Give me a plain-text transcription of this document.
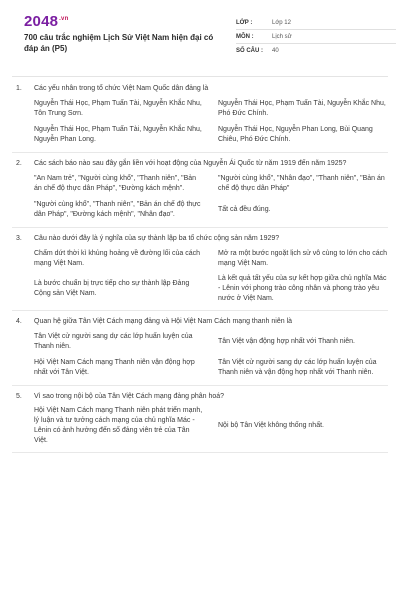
$2048^{.vn}$
700 câu trắc nghiệm Lịch Sử Việt Nam hiện đại có đáp án (P5)
LỚP :	Lớp 12
MÔN :	Lịch sử
SỐ CÂU :	40
1.	Các yếu nhân trong tổ chức Việt Nam Quốc dân đảng là
Nguyễn Thái Học, Phạm Tuấn Tài, Nguyễn Khắc Nhu, Tôn Trung Sơn.
Nguyễn Thái Học, Phạm Tuấn Tài, Nguyễn Khắc Nhu, Phó Đức Chính.
Nguyễn Thái Học, Phạm Tuấn Tài, Nguyễn Khắc Nhu, Nguyễn Phan Long.
Nguyễn Thái Học, Nguyễn Phan Long, Bùi Quang Chiêu, Phó Đức Chính.
2.	Các sách báo nào sau đây gắn liền với hoạt động của Nguyễn Ái Quốc từ năm 1919 đến năm 1925?
"An Nam trẻ", "Người cùng khổ", "Thanh niên", "Bản án chế độ thực dân Pháp", "Đường kách mệnh".
"Người cùng khổ", "Nhân đạo", "Thanh niên", "Bản án chế độ thực dân Pháp"
"Người cùng khổ", "Thanh niên", "Bản án chế độ thực dân Pháp", "Đường kách mệnh", "Nhân đạo".
Tất cả đều đúng.
3.	Câu nào dưới đây là ý nghĩa của sự thành lập ba tổ chức cộng sản năm 1929?
Chấm dứt thời kì khủng hoảng về đường lối của cách mạng Việt Nam.
Mở ra một bước ngoặt lịch sử vô cùng to lớn cho cách mạng Việt Nam.
Là bước chuẩn bị trực tiếp cho sự thành lập Đảng Cộng sản Việt Nam.
Là kết quả tất yếu của sự kết hợp giữa chủ nghĩa Mác - Lênin với phong trào công nhân và phong trào yêu nước ở Việt Nam.
4.	Quan hệ giữa Tân Việt Cách mạng đảng và Hội Việt Nam Cách mạng thanh niên là
Tân Việt cử người sang dự các lớp huấn luyện của Thanh niên.
Tân Việt vận động hợp nhất với Thanh niên.
Hội Việt Nam Cách mạng Thanh niên vận động hợp nhất với Tân Việt.
Tân Việt cử người sang dự các lớp huấn luyện của Thanh niên và vận động hợp nhất với Thanh niên.
5.	Vì sao trong nội bộ của Tân Việt Cách mạng đảng phân hoá?
Hội Việt Nam Cách mạng Thanh niên phát triển mạnh, lý luận và tư tưởng cách mạng của chủ nghĩa Mác - Lênin có ảnh hưởng đến số đảng viên trẻ của Tân Việt.
Nội bộ Tân Việt không thống nhất.
